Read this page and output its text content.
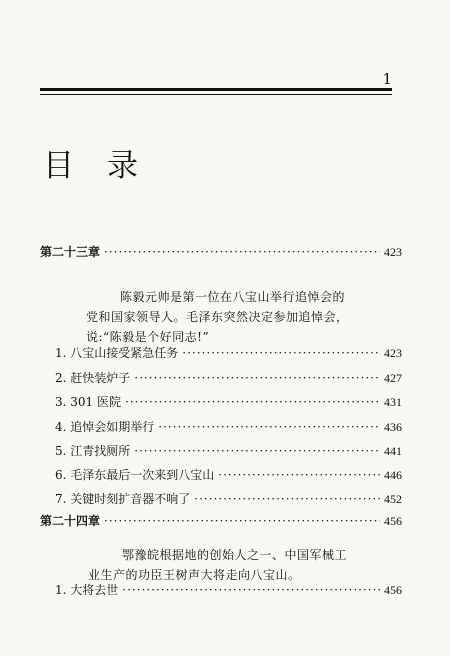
1
目 录
第二十三章 ·····	423
陈毅元帅是第一位在八宝山举行追悼会的
党和国家领导人。毛泽东突然决定参加追悼会，
说:“陈毅是个好同志!”
1. 八宝山接受紧急任务 ·····	423
2. 赶快装炉子 ·····	427
3. 301 医院 ·····	431
4. 追悼会如期举行 ·····	436
5. 江青找厕所 ·····	441
6. 毛泽东最后一次来到八宝山 ·····	446
7. 关键时刻扩音器不响了 ·····	452
第二十四章 ·····	456
鄂豫皖根据地的创始人之一、中国军械工
业生产的功臣王树声大将走向八宝山。
1. 大将去世 ·····	456
